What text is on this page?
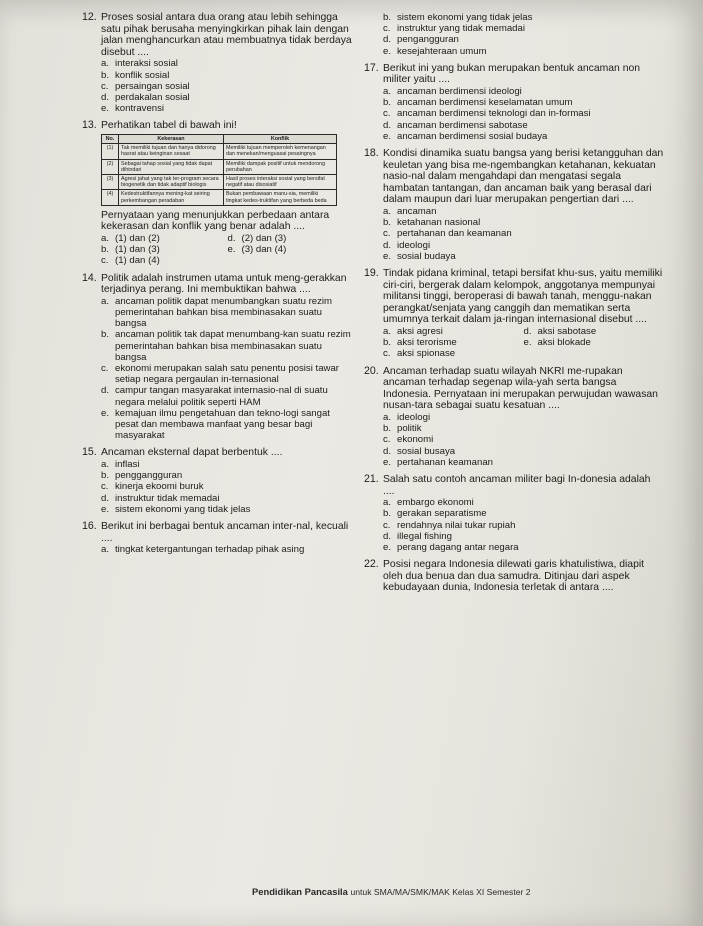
12. Proses sosial antara dua orang atau lebih sehingga satu pihak berusaha menyingkirkan pihak lain dengan jalan menghancurkan atau membuatnya tidak berdaya disebut ....
a. interaksi sosial
b. konflik sosial
c. persaingan sosial
d. perdakalan sosial
e. kontravensi
13. Perhatikan tabel di bawah ini!
No.	Kekerasan	Konflik
(1)	Tak memiliki tujuan dan hanya didorong hasrat atau keinginan sesaat	Memiliki tujuan memperoleh kemenangan dan menekan/menguasai pesaingnya
(2)	Sebagai tahap sosial yang tidak dapat dihindari	Memiliki dampak positif untuk mendorong perubahan
(3)	Agresi jahat yang tak ter-program secara biogenetik dan tidak adaptif biologis	Hasil proses interaksi sosial yang bersifat negatif atau disosiatif
(4)	Kedestruktifannya mening-kat seiring perkembangan peradaban	Bukan pembawaan manu-sia, memiliki tingkat kedes-truktifan yang berbeda beda
Pernyataan yang menunjukkan perbedaan antara kekerasan dan konflik yang benar adalah ....
a. (1) dan (2)	d. (2) dan (3)
b. (1) dan (3)	e. (3) dan (4)
c. (1) dan (4)
14. Politik adalah instrumen utama untuk meng-gerakkan terjadinya perang. Ini membuktikan bahwa ....
a. ancaman politik dapat menumbangkan suatu rezim pemerintahan bahkan bisa membinasakan suatu bangsa
b. ancaman politik tak dapat menumbang-kan suatu rezim pemerintahan bahkan bisa membinasakan suatu bangsa
c. ekonomi merupakan salah satu penentu posisi tawar setiap negara pergaulan in-ternasional
d. campur tangan masyarakat internasio-nal di suatu negara melalui politik seperti HAM
e. kemajuan ilmu pengetahuan dan tekno-logi sangat pesat dan membawa manfaat yang besar bagi masyarakat
15. Ancaman eksternal dapat berbentuk ....
a. inflasi
b. penggangguran
c. kinerja ekoomi buruk
d. instruktur tidak memadai
e. sistem ekonomi yang tidak jelas
16. Berikut ini berbagai bentuk ancaman inter-nal, kecuali ....
a. tingkat ketergantungan terhadap pihak asing
b. sistem ekonomi yang tidak jelas
c. instruktur yang tidak memadai
d. pengangguran
e. kesejahteraan umum
17. Berikut ini yang bukan merupakan bentuk ancaman non militer yaitu ....
a. ancaman berdimensi ideologi
b. ancaman berdimensi keselamatan umum
c. ancaman berdimensi teknologi dan in-formasi
d. ancaman berdimensi sabotase
e. ancaman berdimensi sosial budaya
18. Kondisi dinamika suatu bangsa yang berisi ketangguhan dan keuletan yang bisa me-ngembangkan ketahanan, kekuatan nasio-nal dalam mengahdapi dan mengatasi segala hambatan tantangan, dan ancaman baik yang berasal dari dalam maupun dari luar merupakan pengertian dari ....
a. ancaman
b. ketahanan nasional
c. pertahanan dan keamanan
d. ideologi
e. sosial budaya
19. Tindak pidana kriminal, tetapi bersifat khu-sus, yaitu memiliki ciri-ciri, bergerak dalam kelompok, anggotanya mempunyai militansi tinggi, beroperasi di bawah tanah, menggu-nakan perangkat/senjata yang canggih dan mematikan serta umumnya terkait dalam ja-ringan internasional disebut ....
a. aksi agresi	d. aksi sabotase
b. aksi terorisme	e. aksi blokade
c. aksi spionase
20. Ancaman terhadap suatu wilayah NKRI me-rupakan ancaman terhadap segenap wila-yah serta bangsa Indonesia. Pernyataan ini merupakan perwujudan wawasan nusan-tara sebagai suatu kesatuan ....
a. ideologi
b. politik
c. ekonomi
d. sosial busaya
e. pertahanan keamanan
21. Salah satu contoh ancaman militer bagi In-donesia adalah ....
a. embargo ekonomi
b. gerakan separatisme
c. rendahnya nilai tukar rupiah
d. illegal fishing
e. perang dagang antar negara
22. Posisi negara Indonesia dilewati garis khatulistiwa, diapit oleh dua benua dan dua samudra. Ditinjau dari aspek kebudayaan dunia, Indonesia terletak di antara ....
Pendidikan Pancasila untuk SMA/MA/SMK/MAK Kelas XI Semester 2
